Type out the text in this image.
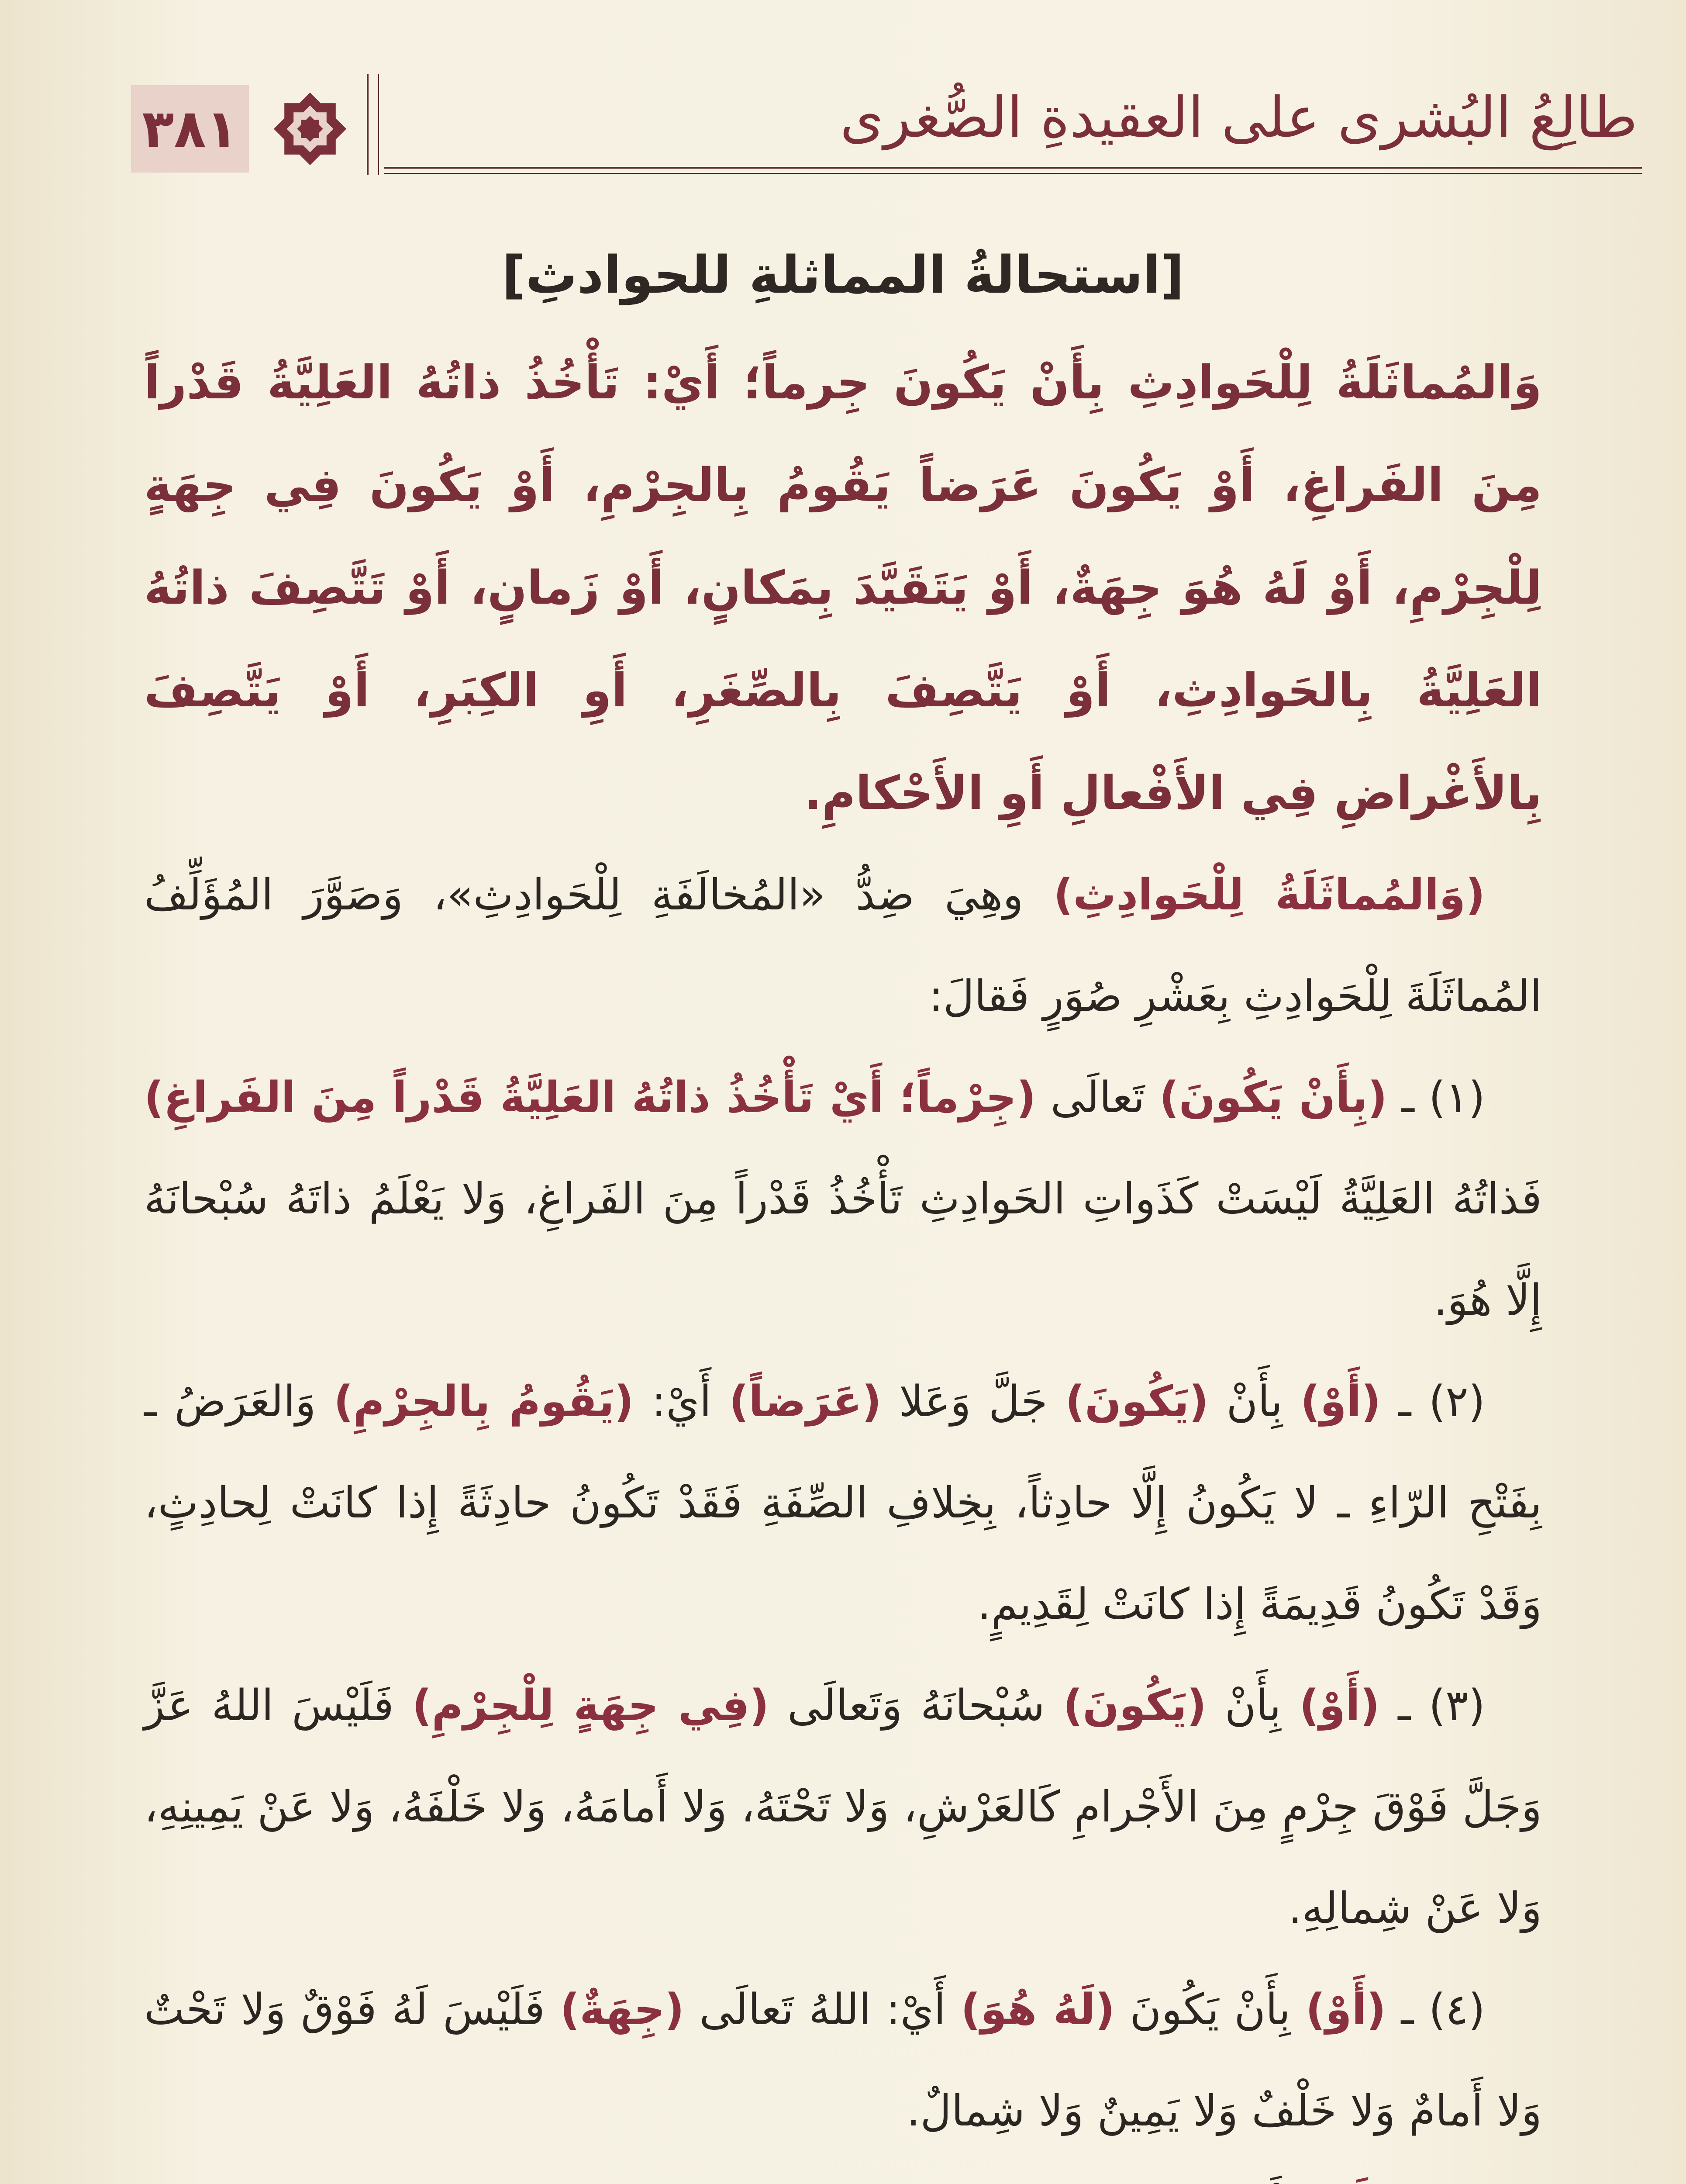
٣٨١	طالِعُ البُشرى على العقيدةِ الصُّغرى
[استحالةُ المماثلةِ للحوادثِ]

وَالمُماثَلَةُ لِلْحَوادِثِ بِأَنْ يَكُونَ جِرماً؛ أَيْ: تَأْخُذُ ذاتُهُ العَلِيَّةُ قَدْراً مِنَ الفَراغِ، أَوْ يَكُونَ عَرَضاً يَقُومُ بِالجِرْمِ، أَوْ يَكُونَ فِي جِهَةٍ لِلْجِرْمِ، أَوْ لَهُ هُوَ جِهَةٌ، أَوْ يَتَقَيَّدَ بِمَكانٍ، أَوْ زَمانٍ، أَوْ تَتَّصِفَ ذاتُهُ العَلِيَّةُ بِالحَوادِثِ، أَوْ يَتَّصِفَ بِالصِّغَرِ، أَوِ الكِبَرِ، أَوْ يَتَّصِفَ بِالأَغْراضِ فِي الأَفْعالِ أَوِ الأَحْكامِ.

(وَالمُماثَلَةُ لِلْحَوادِثِ) وهِيَ ضِدُّ «المُخالَفَةِ لِلْحَوادِثِ»، وَصَوَّرَ المُؤَلِّفُ المُماثَلَةَ لِلْحَوادِثِ بِعَشْرِ صُوَرٍ فَقالَ:

(١) ـ (بِأَنْ يَكُونَ) تَعالَى (جِرْماً؛ أَيْ تَأْخُذُ ذاتُهُ العَلِيَّةُ قَدْراً مِنَ الفَراغِ) فَذاتُهُ العَلِيَّةُ لَيْسَتْ كَذَواتِ الحَوادِثِ تَأْخُذُ قَدْراً مِنَ الفَراغِ، وَلا يَعْلَمُ ذاتَهُ سُبْحانَهُ إِلَّا هُوَ.

(٢) ـ (أَوْ) بِأَنْ (يَكُونَ) جَلَّ وَعَلا (عَرَضاً) أَيْ: (يَقُومُ بِالجِرْمِ) وَالعَرَضُ ـ بِفَتْحِ الرّاءِ ـ لا يَكُونُ إِلَّا حادِثاً، بِخِلافِ الصِّفَةِ فَقَدْ تَكُونُ حادِثَةً إِذا كانَتْ لِحادِثٍ، وَقَدْ تَكُونُ قَدِيمَةً إِذا كانَتْ لِقَدِيمٍ.

(٣) ـ (أَوْ) بِأَنْ (يَكُونَ) سُبْحانَهُ وَتَعالَى (فِي جِهَةٍ لِلْجِرْمِ) فَلَيْسَ اللهُ عَزَّ وَجَلَّ فَوْقَ جِرْمٍ مِنَ الأَجْرامِ كَالعَرْشِ، وَلا تَحْتَهُ، وَلا أَمامَهُ، وَلا خَلْفَهُ، وَلا عَنْ يَمِينِهِ، وَلا عَنْ شِمالِهِ.

(٤) ـ (أَوْ) بِأَنْ يَكُونَ (لَهُ هُوَ) أَيْ: اللهُ تَعالَى (جِهَةٌ) فَلَيْسَ لَهُ فَوْقٌ وَلا تَحْتٌ وَلا أَمامٌ وَلا خَلْفٌ وَلا يَمِينٌ وَلا شِمالٌ.
